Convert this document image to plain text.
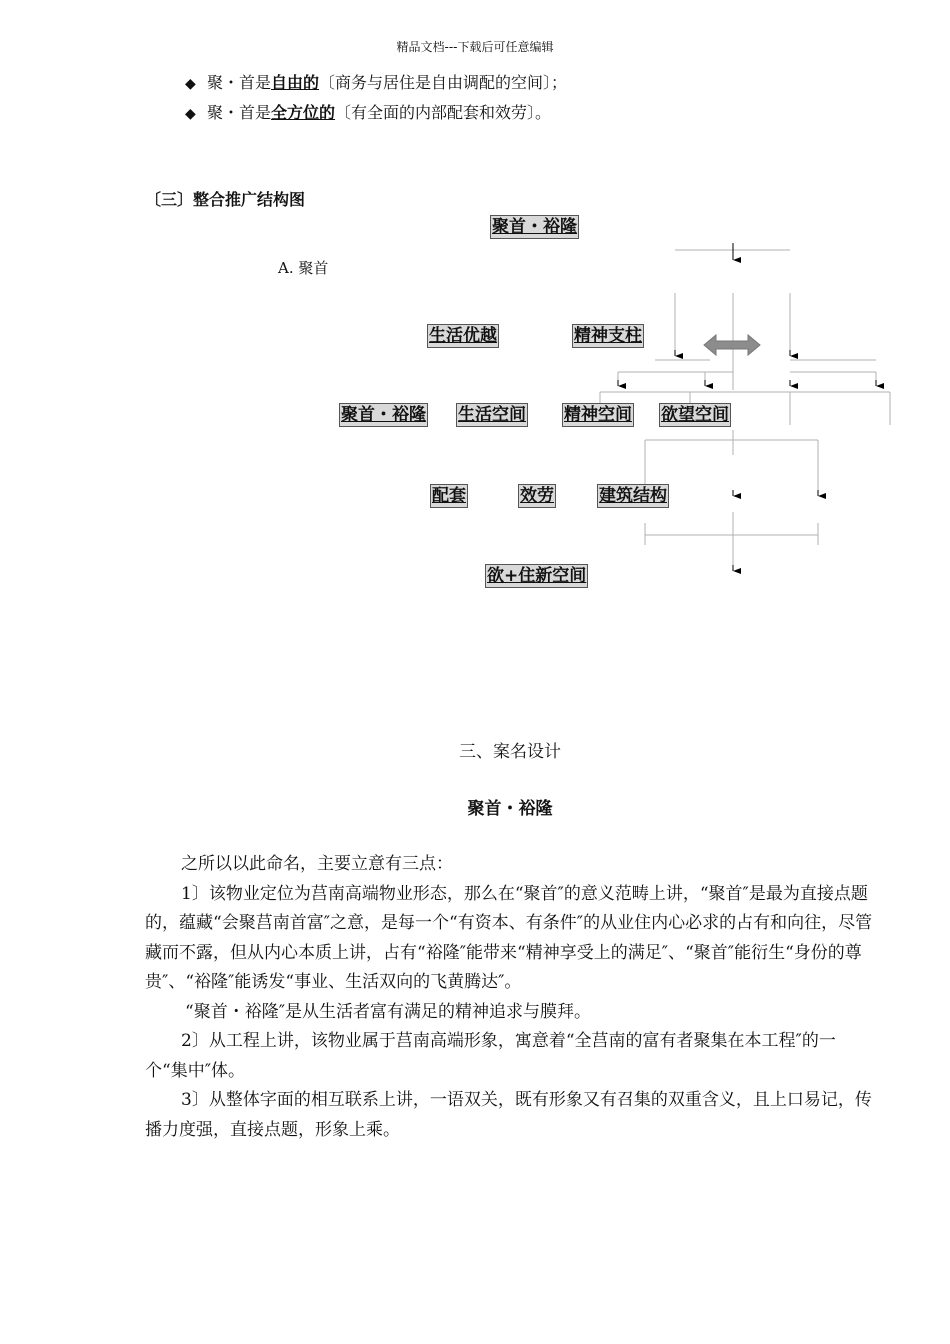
精品文档---下载后可任意编辑
◆ 聚・首是自由的〔商务与居住是自由调配的空间〕；
◆ 聚・首是全方位的〔有全面的内部配套和效劳〕。
〔三〕整合推广结构图
聚首・裕隆
A. 聚首
生活优越	精神支柱
聚首・裕隆 生活空间 精神空间 欲望空间
配套	效劳	建筑结构
欲+住新空间
三、案名设计
聚首・裕隆

之所以以此命名，主要立意有三点：

1〕该物业定位为莒南高端物业形态，那么在“聚首″的意义范畴上讲，“聚首″是最为直接点题的，蕴藏“会聚莒南首富″之意，是每一个“有资本、有条件″的从业住内心必求的占有和向往，尽管藏而不露，但从内心本质上讲，占有“裕隆″能带来“精神享受上的满足″、“聚首″能衍生“身份的尊贵″、“裕隆″能诱发“事业、生活双向的飞黄腾达″。

“聚首・裕隆″是从生活者富有满足的精神追求与膜拜。

2〕从工程上讲，该物业属于莒南高端形象，寓意着“全莒南的富有者聚集在本工程″的一个“集中″体。

3〕从整体字面的相互联系上讲，一语双关，既有形象又有召集的双重含义，且上口易记，传播力度强，直接点题，形象上乘。
